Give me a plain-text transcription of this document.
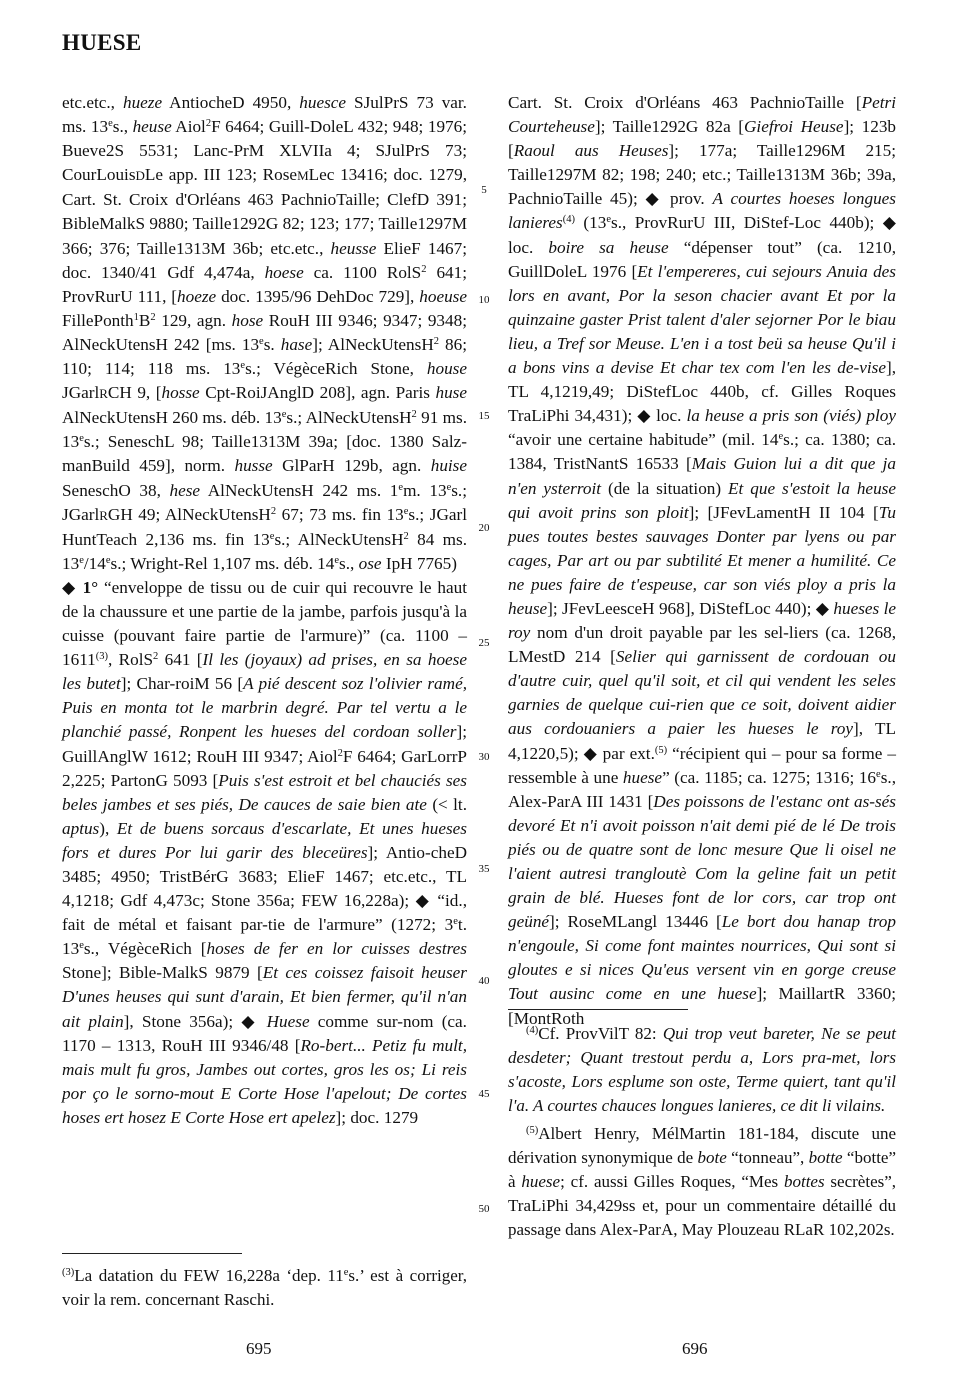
HUESE

etc.etc., hueze AntiocheD 4950, huesce SJulPrS 73 var. ms. 13es., heuse Aiol$^2$F 6464; Guill-DoleL 432; 948; 1976; Bueve2S 5531; Lanc-PrM XLVIIa 4; SJulPrS 73; CourLouisDLe app. III 123; RoseMLec 13416; doc. 1279, Cart. St. Croix d'Orléans 463 PachnioTaille; ClefD 391; BibleMalkS 9880; Taille1292G 82; 123; 177; Taille1297M 366; 376; Taille1313M 36b; etc.etc., heusse ElieF 1467; doc. 1340/41 Gdf 4,474a, hoese ca. 1100 RolS$^2$ 641; ProvRurU 111, [hoeze doc. 1395/96 DehDoc 729], hoeuse $FillePonth^1B^2$ 129, agn. hose RouH III 9346; 9347; 9348; AlNeckUtensH 242 [ms. 13es. hase]; AlNeckUtensH$^2$ 86; 110; 114; 118 ms. 13es.; VégèceRich Stone, house JGarlRCH 9, [hosse Cpt-RoiJAnglD 208], agn. Paris huse AlNeckUtensH 260 ms. déb. 13es.; AlNeckUtensH$^2$ 91 ms. 13es.; SeneschL 98; Taille1313M 39a; [doc. 1380 Salz-manBuild 459], norm. husse GlParH 129b, agn. huise SeneschO 38, hese AlNeckUtensH 242 ms. 1em. 13es.; JGarlRGH 49; AlNeckUtensH$^2$ 67; 73 ms. fin 13es.; JGarl HuntTeach 2,136 ms. fin 13es.; AlNeckUtensH$^2$ 84 ms. 13e/14es.; Wright-Rel 1,107 ms. déb. 14es., ose IpH 7765)
◆ 1° “enveloppe de tissu ou de cuir qui recouvre le haut de la chaussure et une partie de la jambe, parfois jusqu'à la cuisse (pouvant faire partie de l'armure)” (ca. 1100 – 1611$^{(3)}$, RolS$^2$ 641 [Il les (joyaux) ad prises, en sa hoese les butet]; Char-roiM 56 [A pié descent soz l'olivier ramé, Puis en monta tot le marbrin degré. Par tel vertu a le planchié passé, Ronpent les hueses del cordoan soller]; GuillAnglW 1612; RouH III 9347; Aiol$^2$F 6464; GarLorrP 2,225; PartonG 5093 [Puis s'est estroit et bel chauciés ses beles jambes et ses piés, De cauces de saie bien ate (< lt. aptus), Et de buens sorcaus d'escarlate, Et unes hueses fors et dures Por lui garir des bleceüres]; Antio-cheD 3485; 4950; TristBérG 3683; ElieF 1467; etc.etc., TL 4,1218; Gdf 4,473c; Stone 356a; FEW 16,228a); ◆ “id., fait de métal et faisant par-tie de l'armure” (1272; 3et. 13es., VégèceRich [hoses de fer en lor cuisses destres Stone]; Bible-MalkS 9879 [Et ces coissez faisoit heuser D'unes heuses qui sunt d'arain, Et bien fermer, qu'il n'an ait plain], Stone 356a); ◆ Huese comme sur-nom (ca. 1170 – 1313, RouH III 9346/48 [Ro-bert... Petiz fu mult, mais mult fu gros, Jambes out cortes, gros les os; Li reis por ço le sorno-mout E Corte Hose l'apelout; De cortes hoses ert hosez E Corte Hose ert apelez]; doc. 1279

5
10
15
20
25
30
35
40
45
50

Cart. St. Croix d'Orléans 463 PachnioTaille [Petri Courteheuse]; Taille1292G 82a [Giefroi Heuse]; 123b [Raoul aus Heuses]; 177a; Taille1296M 215; Taille1297M 82; 198; 240; etc.; Taille1313M 36b; 39a, PachnioTaille 45); ◆ prov. A courtes hoeses longues lanieres$^{(4)}$ (13es., ProvRurU III, DiStef-Loc 440b); ◆ loc. boire sa heuse “dépenser tout” (ca. 1210, GuillDoleL 1976 [Et l'empereres, cui sejours Anuia des lors en avant, Por la seson chacier avant Et por la quinzaine gaster Prist talent d'aler sejorner Por le biau lieu, a Tref sor Meuse. L'en i a tost beü sa heuse Qu'il i a bons vins a devise Et char tex com l'en les de-vise], TL 4,1219,49; DiStefLoc 440b, cf. Gilles Roques TraLiPhi 34,431); ◆ loc. la heuse a pris son (viés) ploy “avoir une certaine habitude” (mil. 14es.; ca. 1380; ca. 1384, TristNantS 16533 [Mais Guion lui a dit que ja n'en ysterroit (de la situation) Et que s'estoit la heuse qui avoit prins son ploit]; [JFevLamentH II 104 [Tu pues toutes bestes sauvages Donter par lyens ou par cages, Par art ou par subtilité Et mener a humilité. Ce ne pues faire de t'espeuse, car son viés ploy a pris la heuse]; JFevLeesceH 968], DiStefLoc 440); ◆ hueses le roy nom d'un droit payable par les sel-liers (ca. 1268, LMestD 214 [Selier qui garnissent de cordouan ou d'autre cuir, quel qu'il soit, et cil qui vendent les seles garnies de quelque cui-rien que ce soit, doivent aidier aus cordouaniers a paier les hueses le roy], TL 4,1220,5); ◆ par ext.$^{(5)}$ “récipient qui – pour sa forme – ressemble à une huese” (ca. 1185; ca. 1275; 1316; 16es., Alex-ParA III 1431 [Des poissons de l'estanc ont as-sés devoré Et n'i avoit poisson n'ait demi pié de lé De trois piés ou de quatre sont de lonc mesure Que li oisel ne l'aient autresi trangloutè Com la geline fait un petit grain de blé. Hueses font de lor cors, car trop ont geüné]; RoseMLangl 13446 [Le bort dou hanap trop n'engoule, Si come font maintes nourrices, Qui sont si gloutes e si nices Qu'eus versent vin en gorge creuse Tout ausinc come en une huese]; MaillartR 3360; [MontRoth

$^{(3)}$La datation du FEW 16,228a ‘dep. 11es.’ est à corriger, voir la rem. concernant Raschi.

$^{(4)}$Cf. ProvVilT 82: Qui trop veut bareter, Ne se peut desdeter; Quant trestout perdu a, Lors pra-met, lors s'acoste, Lors esplume son oste, Terme quiert, tant qu'il l'a. A courtes chauces longues lanieres, ce dit li vilains.

$^{(5)}$Albert Henry, MélMartin 181-184, discute une dérivation synonymique de bote “tonneau”, botte “botte” à huese; cf. aussi Gilles Roques, “Mes bottes secrètes”, TraLiPhi 34,429ss et, pour un commentaire détaillé du passage dans Alex-ParA, May Plouzeau RLaR 102,202s.

695	696
